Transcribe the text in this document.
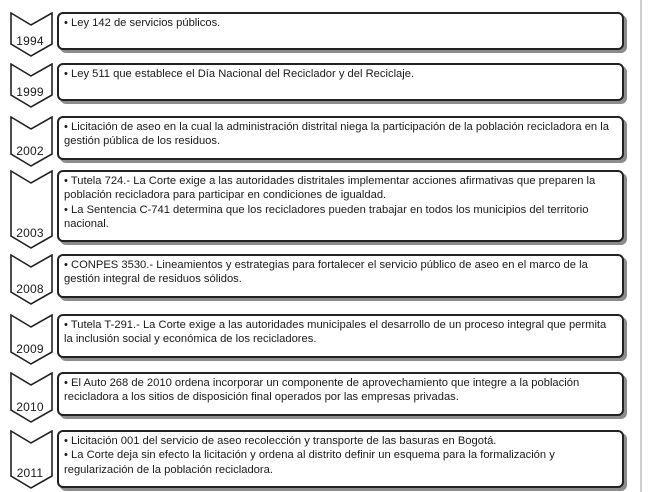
1994

• Ley 142 de servicios públicos.

1999

• Ley 511 que establece el Día Nacional del Reciclador y del Reciclaje.

2002

• Licitación de aseo en la cual la administración distrital niega la participación de la población recicladora en la gestión pública de los residuos.

2003

• Tutela 724.- La Corte exige a las autoridades distritales implementar acciones afirmativas que preparen la población recicladora para participar en condiciones de igualdad.

• La Sentencia C-741 determina que los recicladores pueden trabajar en todos los municipios del territorio nacional.

2008

• CONPES 3530.- Lineamientos y estrategias para fortalecer el servicio público de aseo en el marco de la gestión integral de residuos sólidos.

2009

• Tutela T-291.- La Corte exige a las autoridades municipales el desarrollo de un proceso integral que permita la inclusión social y económica de los recicladores.

2010

• El Auto 268 de 2010 ordena incorporar un componente de aprovechamiento que integre a la población recicladora a los sitios de disposición final operados por las empresas privadas.

2011

• Licitación 001 del servicio de aseo recolección y transporte de las basuras en Bogotá.

• La Corte deja sin efecto la licitación y ordena al distrito definir un esquema para la formalización y regularización de la población recicladora.
